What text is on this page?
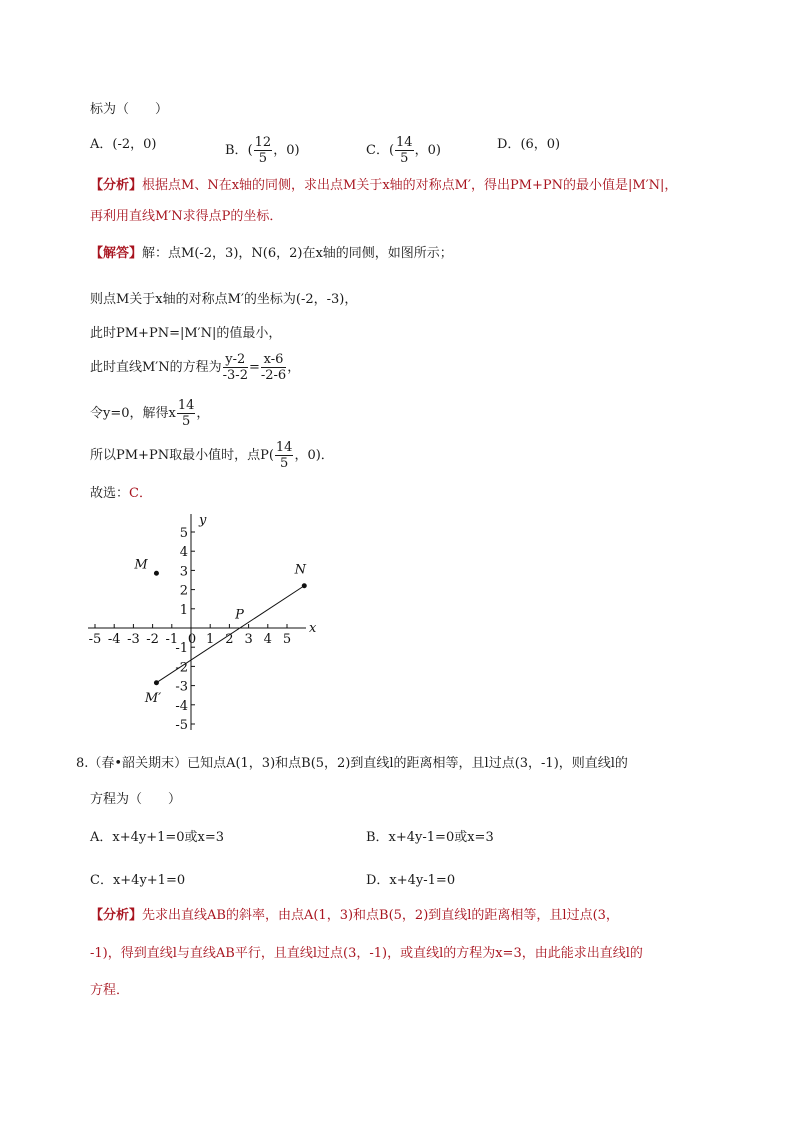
标为（　　）
A．(-2，0)	B．( $\frac{12}{5}$ ，0)	C．( $\frac{14}{5}$ ，0)	D．(6，0)
【分析】根据点M、N在x轴的同侧，求出点M关于x轴的对称点M′，得出PM+PN的最小值是|M′N|，
再利用直线M′N求得点P的坐标．
【解答】解：点M(-2，3)，N(6，2)在x轴的同侧，如图所示；
则点M关于x轴的对称点M′的坐标为(-2，-3)，
此时PM+PN=|M′N|的值最小，
此时直线M′N的方程为 $\frac{y-2}{-3-2} = \frac{x-6}{-2-6}$ ，
令y=0，解得x $\frac{14}{5}$ ，
所以PM+PN取最小值时，点$P( \frac{14}{5}$ ，0)．
故选：C．
x
y
5
4
3
2
1
-1
-2
-3
-4
-5
-5 -4 -3 -2 -1 0 1 2 3 4 5
M	N
P
M′
8.（春•韶关期末）已知点A(1，3)和点B(5，2)到直线l的距离相等，且l过点(3，-1)，则直线l的
方程为（　　）
A．x+4y+1=0或x=3	B．x+4y-1=0或x=3
C．x+4y+1=0	D．x+4y-1=0
【分析】先求出直线AB的斜率，由点A(1，3)和点B(5，2)到直线l的距离相等，且l过点(3，
-1)，得到直线l与直线AB平行，且直线l过点(3，-1)，或直线l的方程为x=3，由此能求出直线l的
方程．
